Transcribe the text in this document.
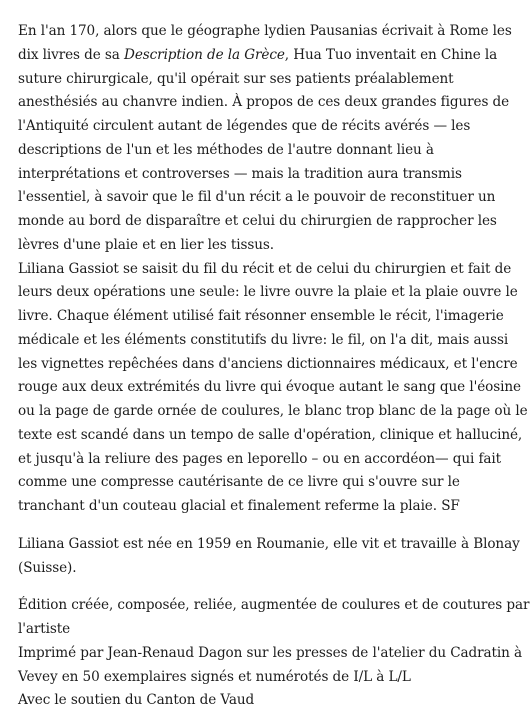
En l'an 170, alors que le géographe lydien Pausanias écrivait à Rome les dix livres de sa Description de la Grèce, Hua Tuo inventait en Chine la suture chirurgicale, qu'il opérait sur ses patients préalablement anesthésiés au chanvre indien. À propos de ces deux grandes figures de l'Antiquité circulent autant de légendes que de récits avérés — les descriptions de l'un et les méthodes de l'autre donnant lieu à interprétations et controverses — mais la tradition aura transmis l'essentiel, à savoir que le fil d'un récit a le pouvoir de reconstituer un monde au bord de disparaître et celui du chirurgien de rapprocher les lèvres d'une plaie et en lier les tissus.

Liliana Gassiot se saisit du fil du récit et de celui du chirurgien et fait de leurs deux opérations une seule: le livre ouvre la plaie et la plaie ouvre le livre. Chaque élément utilisé fait résonner ensemble le récit, l'imagerie médicale et les éléments constitutifs du livre: le fil, on l'a dit, mais aussi les vignettes repêchées dans d'anciens dictionnaires médicaux, et l'encre rouge aux deux extrémités du livre qui évoque autant le sang que l'éosine ou la page de garde ornée de coulures, le blanc trop blanc de la page où le texte est scandé dans un tempo de salle d'opération, clinique et halluciné, et jusqu'à la reliure des pages en leporello – ou en accordéon— qui fait comme une compresse cautérisante de ce livre qui s'ouvre sur le tranchant d'un couteau glacial et finalement referme la plaie. SF

Liliana Gassiot est née en 1959 en Roumanie, elle vit et travaille à Blonay (Suisse).

Édition créée, composée, reliée, augmentée de coulures et de coutures par l'artiste

Imprimé par Jean-Renaud Dagon sur les presses de l'atelier du Cadratin à Vevey en 50 exemplaires signés et numérotés de I/L à L/L

Avec le soutien du Canton de Vaud
